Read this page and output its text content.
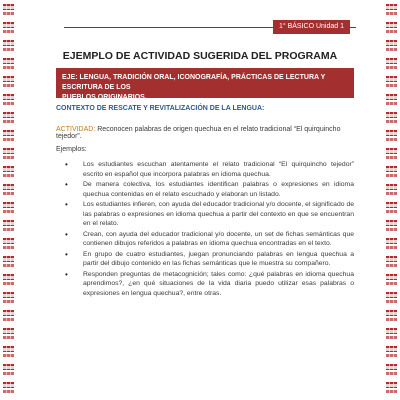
1° BÁSICO Unidad 1
EJEMPLO DE ACTIVIDAD SUGERIDA DEL PROGRAMA
EJE: LENGUA, TRADICIÓN ORAL, ICONOGRAFÍA, PRÁCTICAS DE LECTURA Y ESCRITURA DE LOS
PUEBLOS ORIGINARIOS.
CONTEXTO DE RESCATE Y REVITALIZACIÓN DE LA LENGUA:
ACTIVIDAD: Reconocen palabras de origen quechua en el relato tradicional “El quirquincho tejedor”.
Ejemplos:
• Los estudiantes escuchan atentamente el relato tradicional “El quirquincho tejedor” escrito en español que incorpora palabras en idioma quechua.
• De manera colectiva, los estudiantes identifican palabras o expresiones en idioma quechua contenidas en el relato escuchado y elaboran un listado.
• Los estudiantes infieren, con ayuda del educador tradicional y/o docente, el significado de las palabras o expresiones en idioma quechua a partir del contexto en que se encuentran en el relato.
• Crean, con ayuda del educador tradicional y/o docente, un set de fichas semánticas que contienen dibujos referidos a palabras en idioma quechua encontradas en el texto.
• En grupo de cuatro estudiantes, juegan pronunciando palabras en lengua quechua a partir del dibujo contenido en las fichas semánticas que le muestra su compañero.
• Responden preguntas de metacognición; tales como: ¿qué palabras en idioma quechua aprendimos?, ¿en qué situaciones de la vida diaria puedo utilizar esas palabras o expresiones en lengua quechua?, entre otras.
